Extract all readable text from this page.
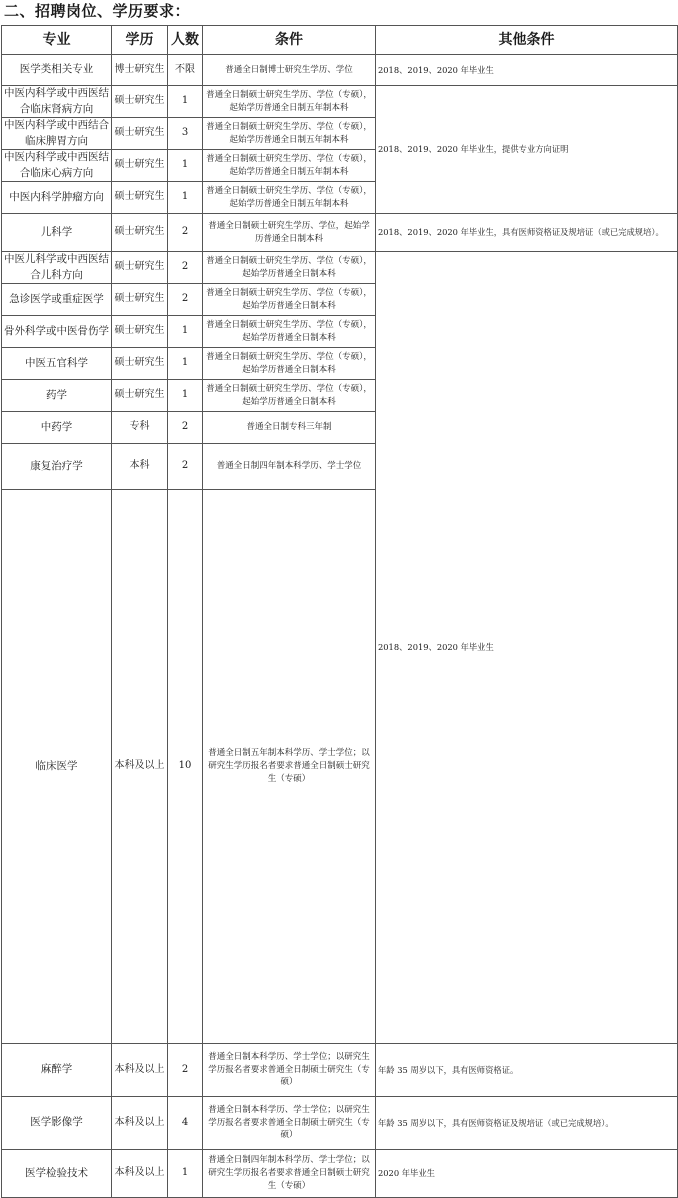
二、招聘岗位、学历要求：
专业	学历	人数	条件	其他条件	
医学类相关专业	博士研究生	不限	普通全日制博士研究生学历、学位	2018、2019、2020 年毕业生	
中医内科学或中西医结合临床肾病方向	硕士研究生	1	普通全日制硕士研究生学历、学位（专硕），起始学历普通全日制五年制本科	2018、2019、2020 年毕业生，提供专业方向证明	
中医内科学或中西结合临床脾胃方向	硕士研究生	3	普通全日制硕士研究生学历、学位（专硕），起始学历普通全日制五年制本科		
中医内科学或中西医结合临床心病方向	硕士研究生	1	普通全日制硕士研究生学历、学位（专硕），起始学历普通全日制五年制本科		
中医内科学肿瘤方向	硕士研究生	1	普通全日制硕士研究生学历、学位（专硕），起始学历普通全日制五年制本科		
儿科学	硕士研究生	2	普通全日制硕士研究生学历、学位，起始学历普通全日制本科	2018、2019、2020 年毕业生，具有医师资格证及规培证（或已完成规培）。	
中医儿科学或中西医结合儿科方向	硕士研究生	2	普通全日制硕士研究生学历、学位（专硕），起始学历普通全日制本科	2018、2019、2020 年毕业生	
急诊医学或重症医学	硕士研究生	2	普通全日制硕士研究生学历、学位（专硕），起始学历普通全日制本科		
骨外科学或中医骨伤学	硕士研究生	1	普通全日制硕士研究生学历、学位（专硕），起始学历普通全日制本科		
中医五官科学	硕士研究生	1	普通全日制硕士研究生学历、学位（专硕），起始学历普通全日制本科		
药学	硕士研究生	1	普通全日制硕士研究生学历、学位（专硕），起始学历普通全日制本科		
中药学	专科	2	普通全日制专科三年制		
康复治疗学	本科	2	普通全日制四年制本科学历、学士学位		
临床医学	本科及以上	10	普通全日制五年制本科学历、学士学位；以研究生学历报名者要求普通全日制硕士研究生（专硕）	
麻醉学	本科及以上	2	普通全日制本科学历、学士学位；以研究生学历报名者要求普通全日制硕士研究生（专硕）	年龄 35 周岁以下，具有医师资格证。	
医学影像学	本科及以上	4	普通全日制本科学历、学士学位；以研究生学历报名者要求普通全日制硕士研究生（专硕）	年龄 35 周岁以下，具有医师资格证及规培证（或已完成规培）。	
医学检验技术	本科及以上	1	普通全日制四年制本科学历、学士学位；以研究生学历报名者要求普通全日制硕士研究生（专硕）	2020 年毕业生	
